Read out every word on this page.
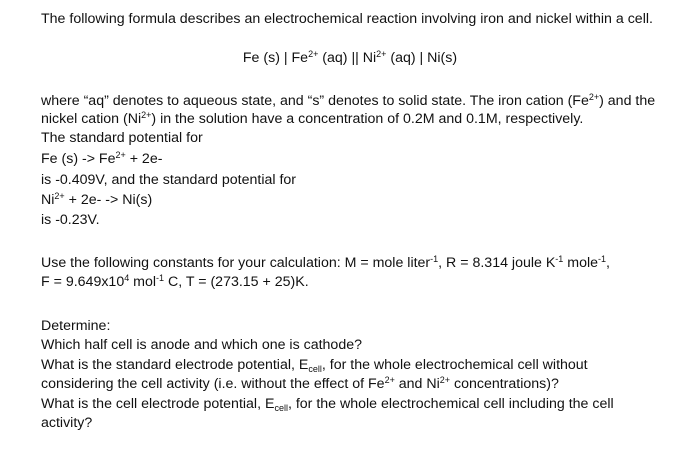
The following formula describes an electrochemical reaction involving iron and nickel within a cell.
Fe (s) | $Fe^{2+}$ (aq) || $Ni^{2+}$ (aq) | Ni(s)
where “aq” denotes to aqueous state, and “s” denotes to solid state. The iron cation $(Fe^{2+})$ and the
nickel cation $(Ni^{2+})$ in the solution have a concentration of 0.2M and 0.1M, respectively.
The standard potential for
Fe $(s) -> Fe^{2+} + 2e-$
is -0.409V, and the standard potential for
$Ni^{2+} + 2e- -> Ni(s)$
is -0.23V.
Use the following constants for your calculation: M = mole liter$^{-1}$, R = 8.314 joule $K^{-1}$ mole$^{-1}$,
$F = 9.649x10^4$ mol$^{-1}$ C, T = (273.15 + 25)K.
Determine:
Which half cell is anode and which one is cathode?
What is the standard electrode potential, $E_{cell}$, for the whole electrochemical cell without
considering the cell activity (i.e. without the effect of $Fe^{2+}$ and $Ni^{2+}$ concentrations)?
What is the cell electrode potential, $E_{cell}$, for the whole electrochemical cell including the cell
activity?
